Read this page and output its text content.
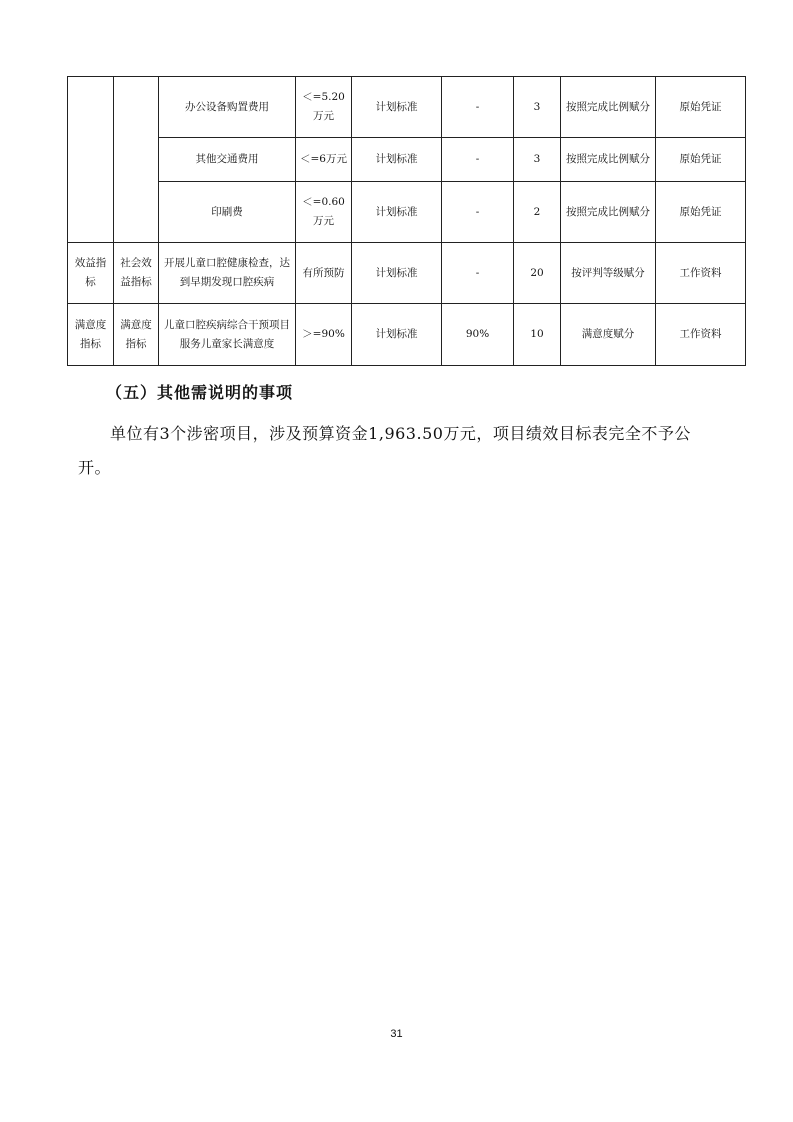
		办公设备购置费用	＜=5.20万元	计划标准	-	3	按照完成比例赋分	原始凭证
		其他交通费用	＜=6万元	计划标准	-	3	按照完成比例赋分	原始凭证
		印刷费	＜=0.60万元	计划标准	-	2	按照完成比例赋分	原始凭证
效益指标	社会效益指标	开展儿童口腔健康检查，达到早期发现口腔疾病	有所预防	计划标准	-	20	按评判等级赋分	工作资料
满意度指标	满意度指标	儿童口腔疾病综合干预项目服务儿童家长满意度	＞=90%	计划标准	90%	10	满意度赋分	工作资料
（五）其他需说明的事项
单位有3个涉密项目，涉及预算资金1,963.50万元，项目绩效目标表完全不予公开。
31
